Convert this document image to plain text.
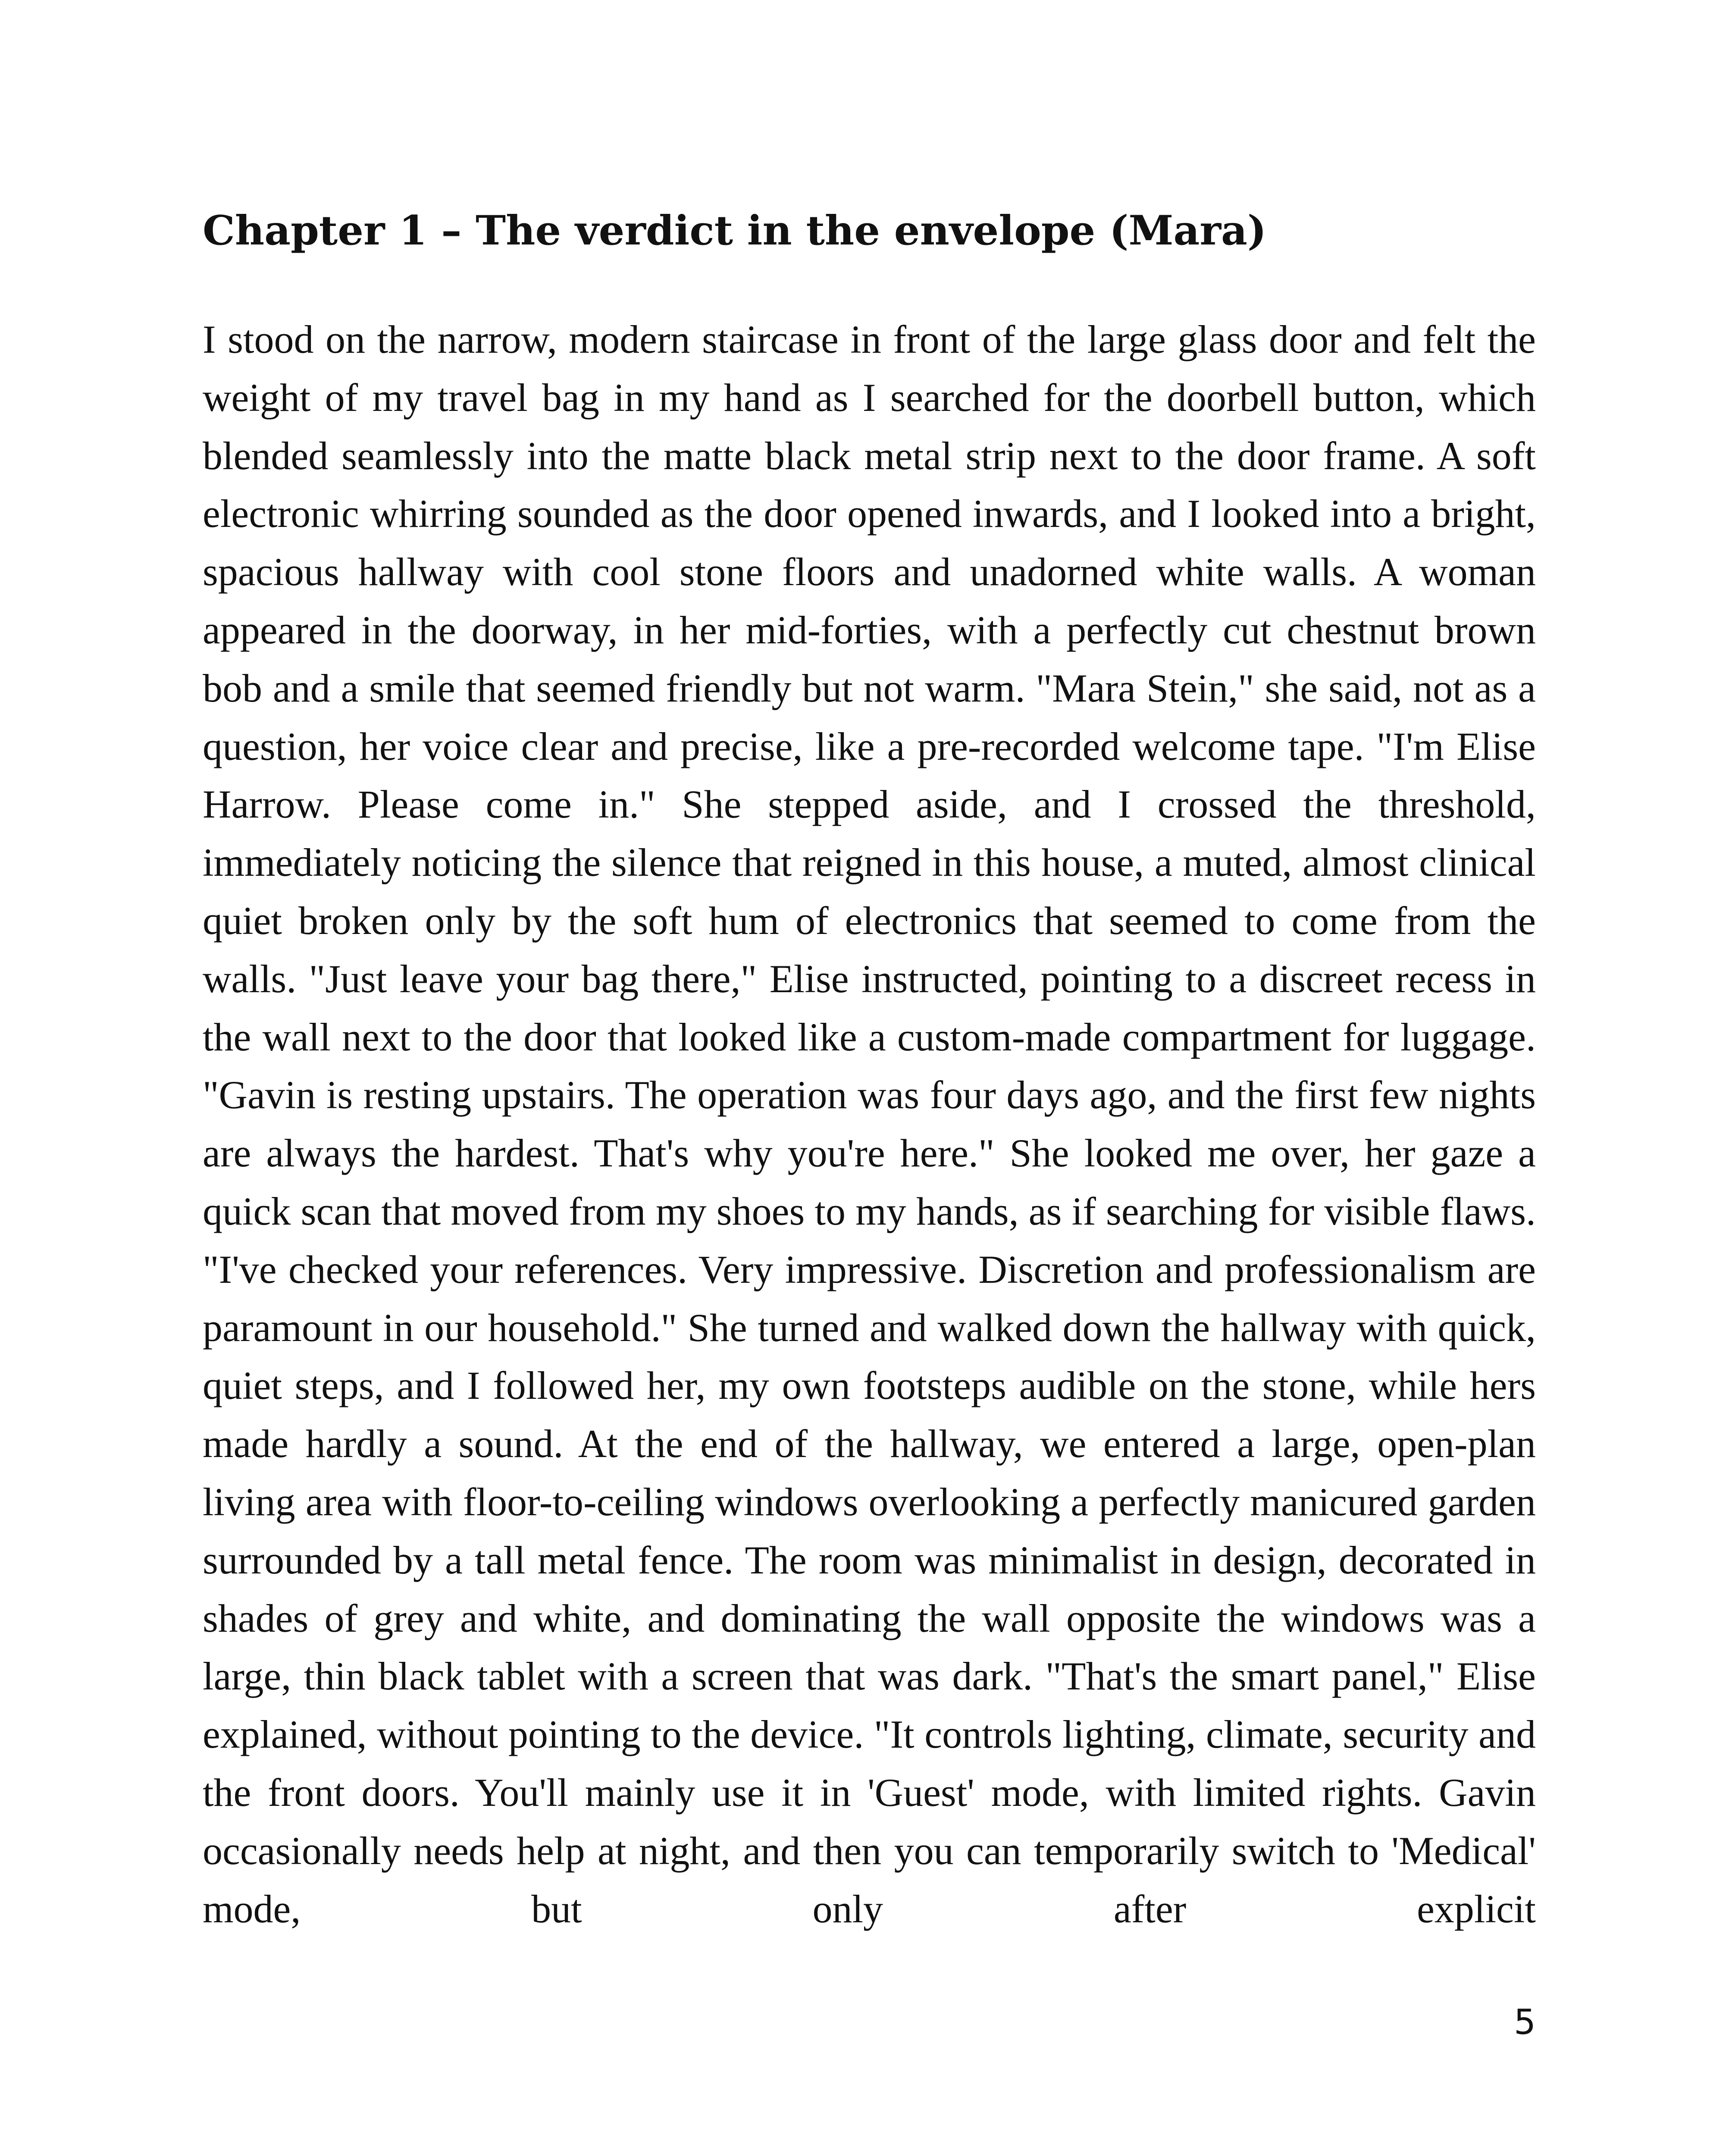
Chapter 1 – The verdict in the envelope (Mara)

I stood on the narrow, modern staircase in front of the large glass door and felt the weight of my travel bag in my hand as I searched for the doorbell button, which blended seamlessly into the matte black metal strip next to the door frame. A soft electronic whirring sounded as the door opened inwards, and I looked into a bright, spacious hallway with cool stone floors and unadorned white walls. A woman appeared in the doorway, in her mid-forties, with a perfectly cut chestnut brown bob and a smile that seemed friendly but not warm. "Mara Stein," she said, not as a question, her voice clear and precise, like a pre-recorded welcome tape. "I'm Elise Harrow. Please come in." She stepped aside, and I crossed the threshold, immediately noticing the silence that reigned in this house, a muted, almost clinical quiet broken only by the soft hum of electronics that seemed to come from the walls. "Just leave your bag there," Elise instructed, pointing to a discreet recess in the wall next to the door that looked like a custom-made compartment for luggage. "Gavin is resting upstairs. The operation was four days ago, and the first few nights are always the hardest. That's why you're here." She looked me over, her gaze a quick scan that moved from my shoes to my hands, as if searching for visible flaws. "I've checked your references. Very impressive. Discretion and professionalism are paramount in our household." She turned and walked down the hallway with quick, quiet steps, and I followed her, my own footsteps audible on the stone, while hers made hardly a sound. At the end of the hallway, we entered a large, open-plan living area with floor-to-ceiling windows overlooking a perfectly manicured garden surrounded by a tall metal fence. The room was minimalist in design, decorated in shades of grey and white, and dominating the wall opposite the windows was a large, thin black tablet with a screen that was dark. "That's the smart panel," Elise explained, without pointing to the device. "It controls lighting, climate, security and the front doors. You'll mainly use it in 'Guest' mode, with limited rights. Gavin occasionally needs help at night, and then you can temporarily switch to 'Medical' mode, but only after explicit

5
